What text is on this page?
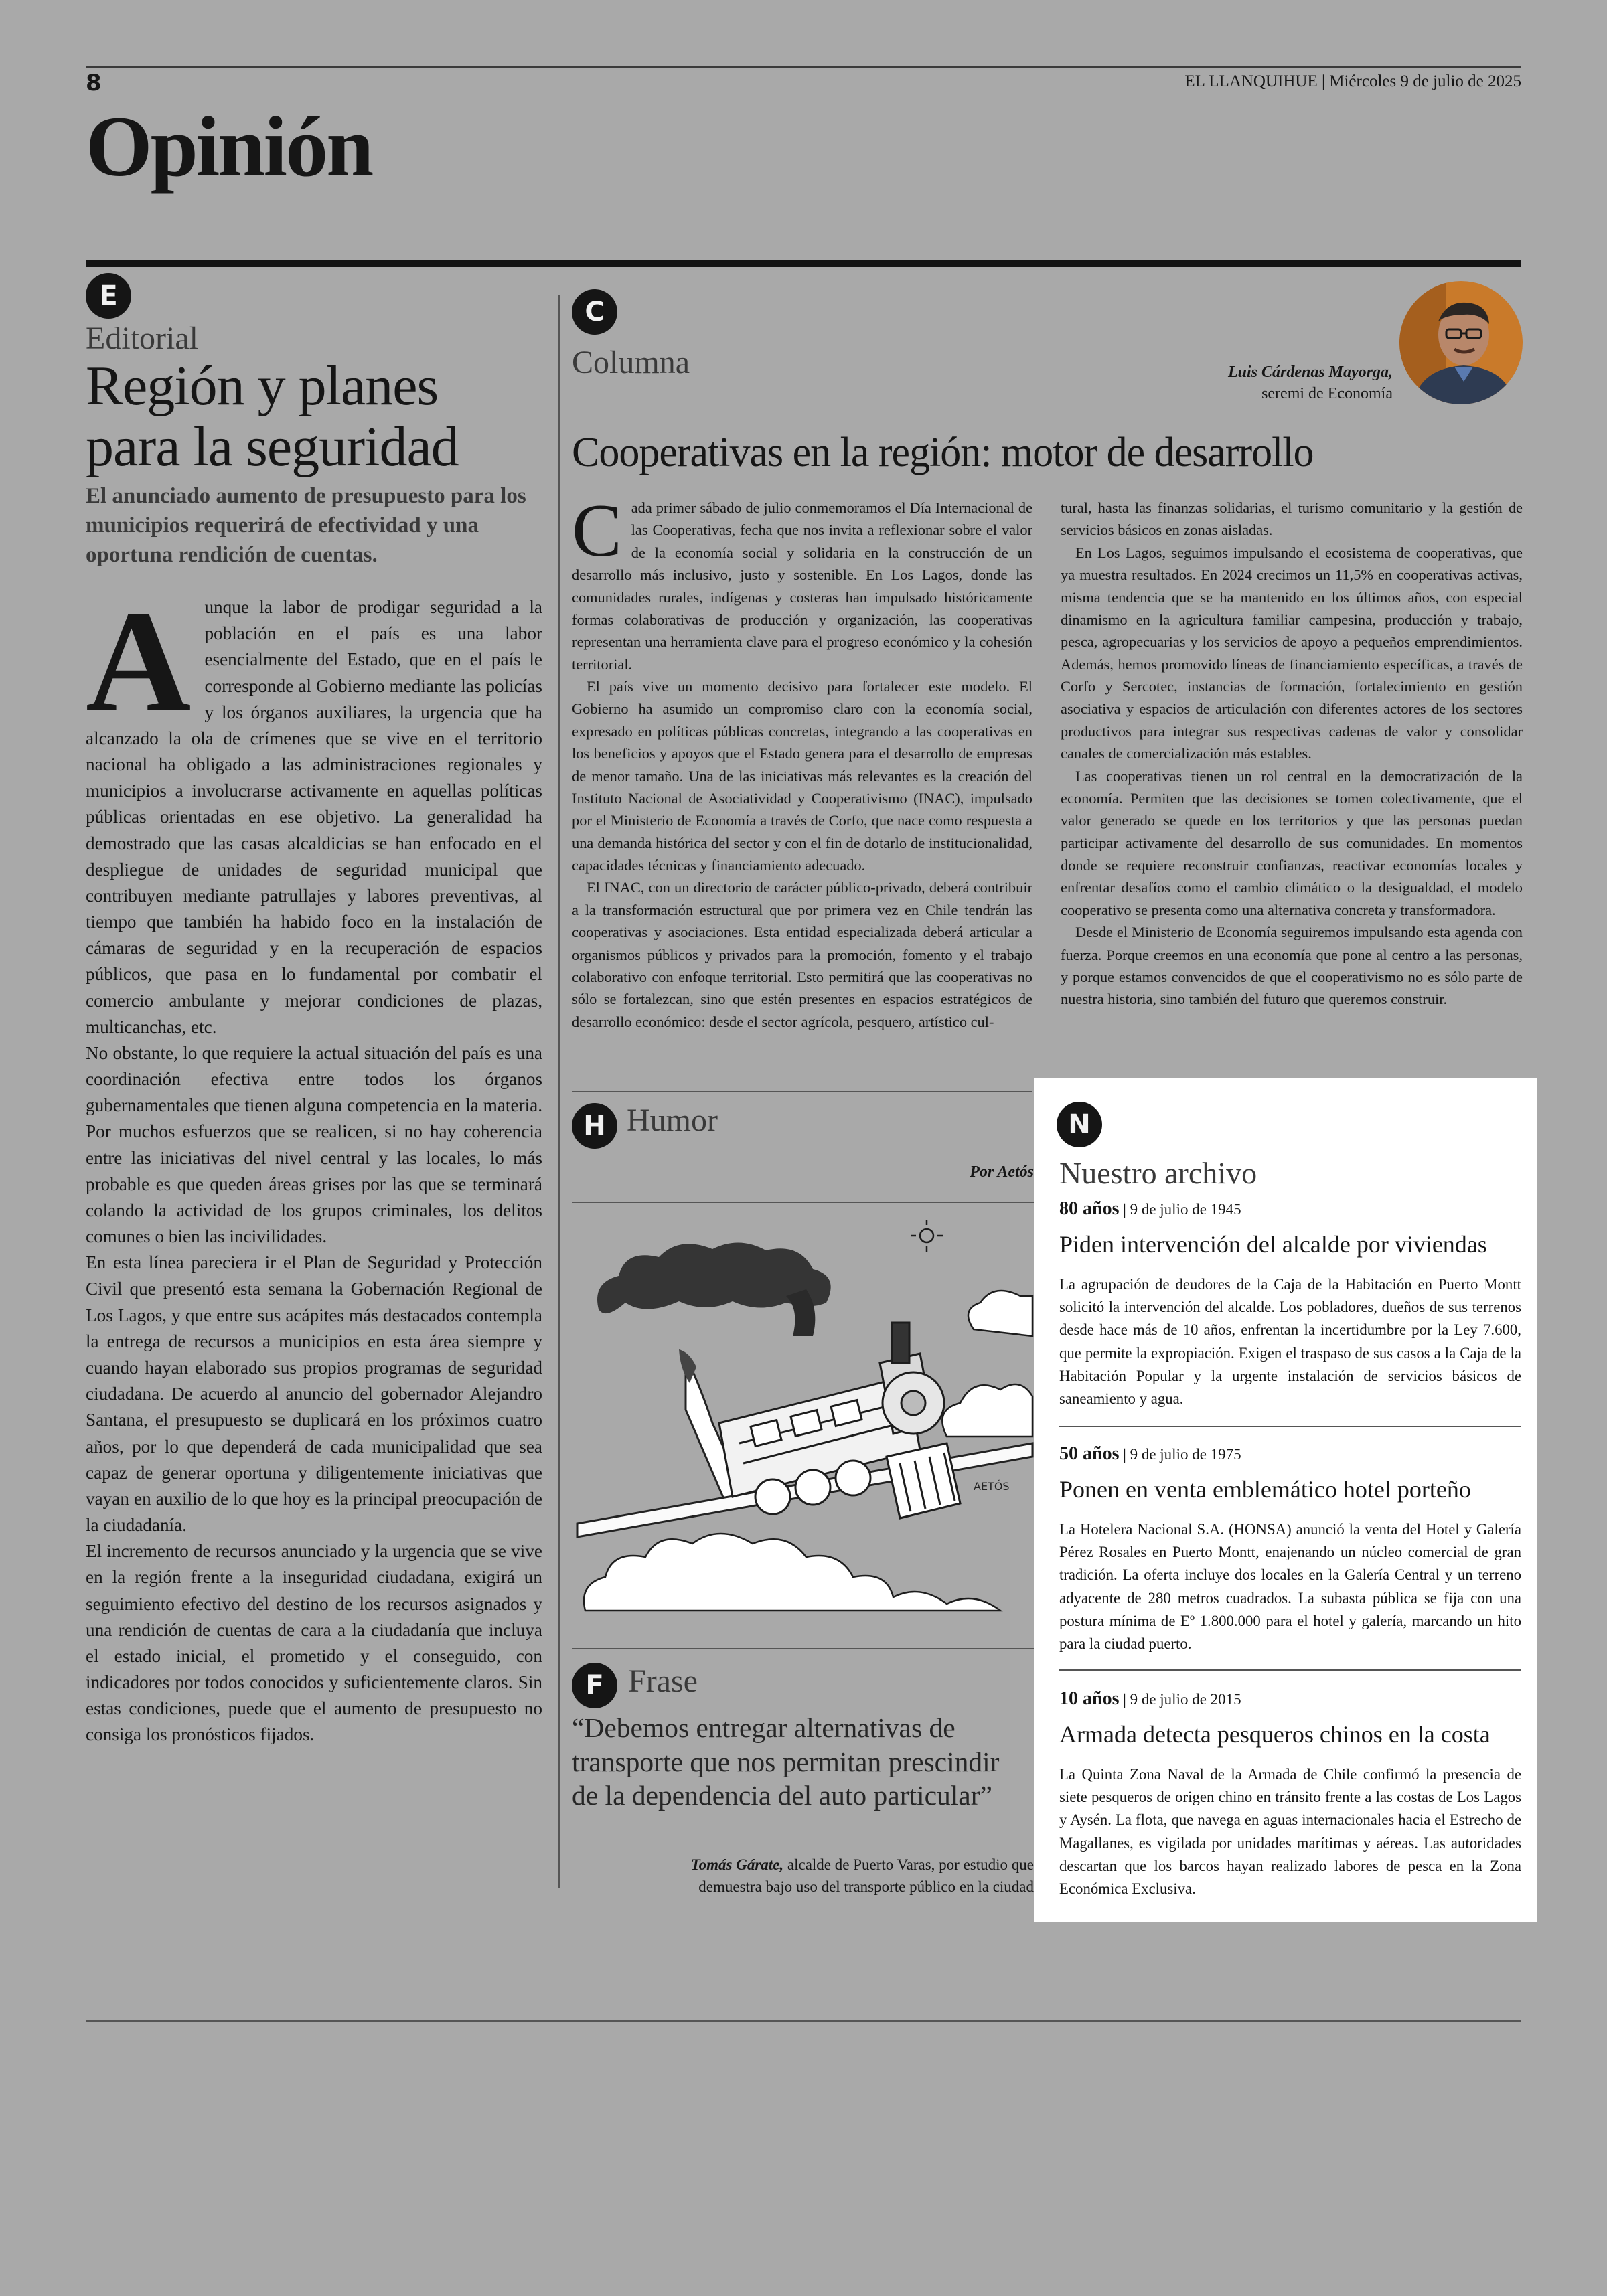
8	EL LLANQUIHUE | Miércoles 9 de julio de 2025
Opinión
E
Editorial
Región y planes
para la seguridad
El anunciado aumento de presupuesto para los municipios requerirá de efectividad y una oportuna rendición de cuentas.

Aunque la labor de prodigar seguridad a la población en el país es una labor esencialmente del Estado, que en el país le corresponde al Gobierno mediante las policías y los órganos auxiliares, la urgencia que ha alcanzado la ola de crímenes que se vive en el territorio nacional ha obligado a las administraciones regionales y municipios a involucrarse activamente en aquellas políticas públicas orientadas en ese objetivo. La generalidad ha demostrado que las casas alcaldicias se han enfocado en el despliegue de unidades de seguridad municipal que contribuyen mediante patrullajes y labores preventivas, al tiempo que también ha habido foco en la instalación de cámaras de seguridad y en la recuperación de espacios públicos, que pasa en lo fundamental por combatir el comercio ambulante y mejorar condiciones de plazas, multicanchas, etc.

No obstante, lo que requiere la actual situación del país es una coordinación efectiva entre todos los órganos gubernamentales que tienen alguna competencia en la materia. Por muchos esfuerzos que se realicen, si no hay coherencia entre las iniciativas del nivel central y las locales, lo más probable es que queden áreas grises por las que se terminará colando la actividad de los grupos criminales, los delitos comunes o bien las incivilidades.

En esta línea pareciera ir el Plan de Seguridad y Protección Civil que presentó esta semana la Gobernación Regional de Los Lagos, y que entre sus acápites más destacados contempla la entrega de recursos a municipios en esta área siempre y cuando hayan elaborado sus propios programas de seguridad ciudadana. De acuerdo al anuncio del gobernador Alejandro Santana, el presupuesto se duplicará en los próximos cuatro años, por lo que dependerá de cada municipalidad que sea capaz de generar oportuna y diligentemente iniciativas que vayan en auxilio de lo que hoy es la principal preocupación de la ciudadanía.

El incremento de recursos anunciado y la urgencia que se vive en la región frente a la inseguridad ciudadana, exigirá un seguimiento efectivo del destino de los recursos asignados y una rendición de cuentas de cara a la ciudadanía que incluya el estado inicial, el prometido y el conseguido, con indicadores por todos conocidos y suficientemente claros. Sin estas condiciones, puede que el aumento de presupuesto no consiga los pronósticos fijados.

C
Columna	Luis Cárdenas Mayorga,
seremi de Economía
Cooperativas en la región: motor de desarrollo

Cada primer sábado de julio conmemoramos el Día Internacional de las Cooperativas, fecha que nos invita a reflexionar sobre el valor de la economía social y solidaria en la construcción de un desarrollo más inclusivo, justo y sostenible. En Los Lagos, donde las comunidades rurales, indígenas y costeras han impulsado históricamente formas colaborativas de producción y organización, las cooperativas representan una herramienta clave para el progreso económico y la cohesión territorial.

El país vive un momento decisivo para fortalecer este modelo. El Gobierno ha asumido un compromiso claro con la economía social, expresado en políticas públicas concretas, integrando a las cooperativas en los beneficios y apoyos que el Estado genera para el desarrollo de empresas de menor tamaño. Una de las iniciativas más relevantes es la creación del Instituto Nacional de Asociatividad y Cooperativismo (INAC), impulsado por el Ministerio de Economía a través de Corfo, que nace como respuesta a una demanda histórica del sector y con el fin de dotarlo de institucionalidad, capacidades técnicas y financiamiento adecuado.

El INAC, con un directorio de carácter público-privado, deberá contribuir a la transformación estructural que por primera vez en Chile tendrán las cooperativas y asociaciones. Esta entidad especializada deberá articular a organismos públicos y privados para la promoción, fomento y el trabajo colaborativo con enfoque territorial. Esto permitirá que las cooperativas no sólo se fortalezcan, sino que estén presentes en espacios estratégicos de desarrollo económico: desde el sector agrícola, pesquero, artístico cul-

tural, hasta las finanzas solidarias, el turismo comunitario y la gestión de servicios básicos en zonas aisladas.

En Los Lagos, seguimos impulsando el ecosistema de cooperativas, que ya muestra resultados. En 2024 crecimos un 11,5% en cooperativas activas, misma tendencia que se ha mantenido en los últimos años, con especial dinamismo en la agricultura familiar campesina, producción y trabajo, pesca, agropecuarias y los servicios de apoyo a pequeños emprendimientos. Además, hemos promovido líneas de financiamiento específicas, a través de Corfo y Sercotec, instancias de formación, fortalecimiento en gestión asociativa y espacios de articulación con diferentes actores de los sectores productivos para integrar sus respectivas cadenas de valor y consolidar canales de comercialización más estables.

Las cooperativas tienen un rol central en la democratización de la economía. Permiten que las decisiones se tomen colectivamente, que el valor generado se quede en los territorios y que las personas puedan participar activamente del desarrollo de sus comunidades. En momentos donde se requiere reconstruir confianzas, reactivar economías locales y enfrentar desafíos como el cambio climático o la desigualdad, el modelo cooperativo se presenta como una alternativa concreta y transformadora.

Desde el Ministerio de Economía seguiremos impulsando esta agenda con fuerza. Porque creemos en una economía que pone al centro a las personas, y porque estamos convencidos de que el cooperativismo no es sólo parte de nuestra historia, sino también del futuro que queremos construir.

H Humor
Por Aetós
AETÓS
F Frase
“Debemos entregar alternativas de transporte que nos permitan prescindir de la dependencia del auto particular”
Tomás Gárate, alcalde de Puerto Varas, por estudio que
demuestra bajo uso del transporte público en la ciudad
N
Nuestro archivo
80 años | 9 de julio de 1945
Piden intervención del alcalde por viviendas
La agrupación de deudores de la Caja de la Habitación en Puerto Montt solicitó la intervención del alcalde. Los pobladores, dueños de sus terrenos desde hace más de 10 años, enfrentan la incertidumbre por la Ley 7.600, que permite la expropiación. Exigen el traspaso de sus casos a la Caja de la Habitación Popular y la urgente instalación de servicios básicos de saneamiento y agua.
50 años | 9 de julio de 1975
Ponen en venta emblemático hotel porteño
La Hotelera Nacional S.A. (HONSA) anunció la venta del Hotel y Galería Pérez Rosales en Puerto Montt, enajenando un núcleo comercial de gran tradición. La oferta incluye dos locales en la Galería Central y un terreno adyacente de 280 metros cuadrados. La subasta pública se fija con una postura mínima de Eº 1.800.000 para el hotel y galería, marcando un hito para la ciudad puerto.
10 años | 9 de julio de 2015
Armada detecta pesqueros chinos en la costa
La Quinta Zona Naval de la Armada de Chile confirmó la presencia de siete pesqueros de origen chino en tránsito frente a las costas de Los Lagos y Aysén. La flota, que navega en aguas internacionales hacia el Estrecho de Magallanes, es vigilada por unidades marítimas y aéreas. Las autoridades descartan que los barcos hayan realizado labores de pesca en la Zona Económica Exclusiva.
